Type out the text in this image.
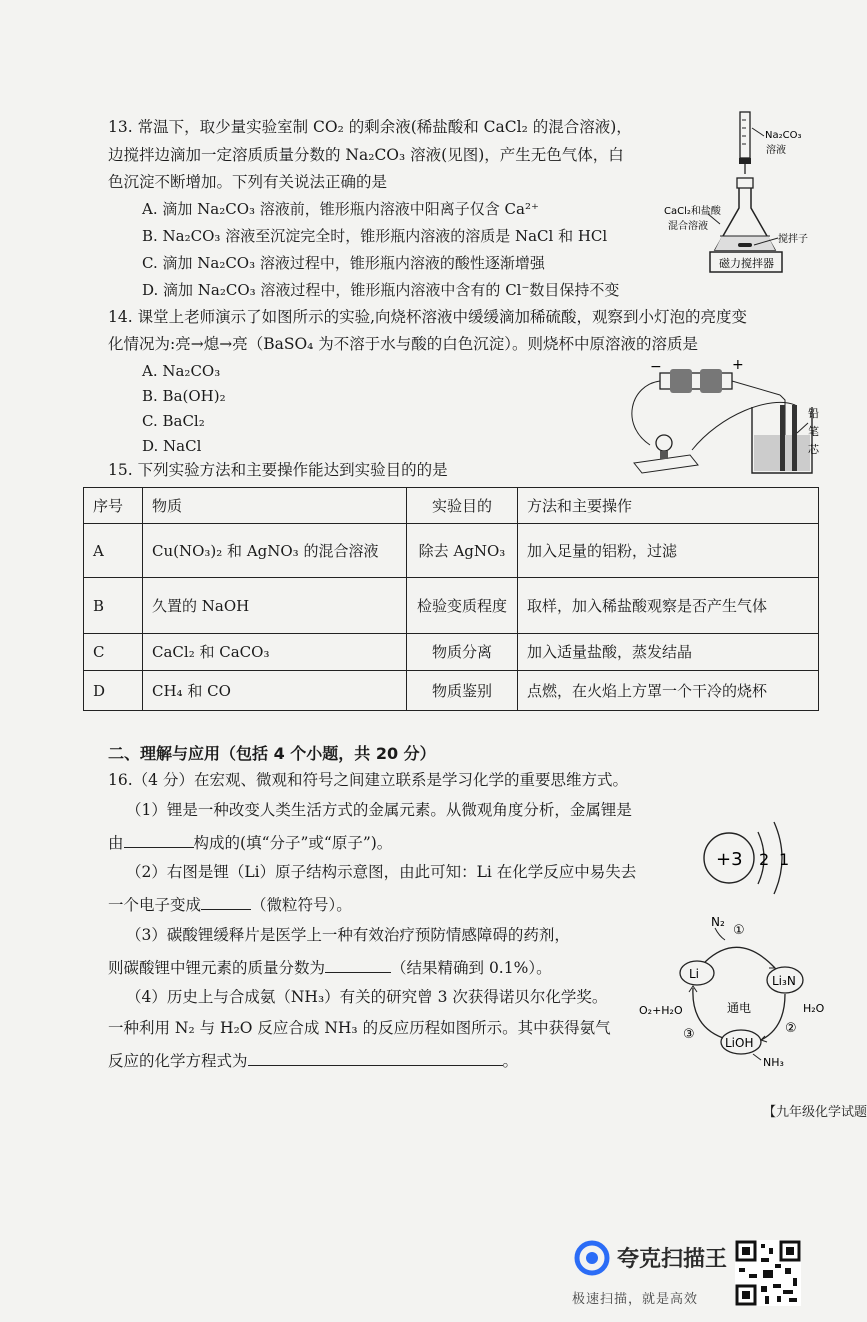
13. 常温下，取少量实验室制 CO₂ 的剩余液(稀盐酸和 CaCl₂ 的混合溶液)，
边搅拌边滴加一定溶质质量分数的 Na₂CO₃ 溶液(见图)，产生无色气体，白
色沉淀不断增加。下列有关说法正确的是
A. 滴加 Na₂CO₃ 溶液前，锥形瓶内溶液中阳离子仅含 Ca²⁺
B. Na₂CO₃ 溶液至沉淀完全时，锥形瓶内溶液的溶质是 NaCl 和 HCl
C. 滴加 Na₂CO₃ 溶液过程中，锥形瓶内溶液的酸性逐渐增强
D. 滴加 Na₂CO₃ 溶液过程中，锥形瓶内溶液中含有的 Cl⁻数目保持不变
Na₂CO₃
溶液
CaCl₂和盐酸
混合溶液
搅拌子
磁力搅拌器
14. 课堂上老师演示了如图所示的实验,向烧杯溶液中缓缓滴加稀硫酸，观察到小灯泡的亮度变
化情况为:亮→熄→亮（BaSO₄ 为不溶于水与酸的白色沉淀）。则烧杯中原溶液的溶质是
A. Na₂CO₃
B. Ba(OH)₂
C. BaCl₂
D. NaCl
−	+
铅
笔
芯
15. 下列实验方法和主要操作能达到实验目的的是
序号	物质	实验目的	方法和主要操作
A	Cu(NO₃)₂ 和 AgNO₃ 的混合溶液	除去 AgNO₃	加入足量的铝粉，过滤
B	久置的 NaOH	检验变质程度	取样，加入稀盐酸观察是否产生气体
C	CaCl₂ 和 CaCO₃	物质分离	加入适量盐酸，蒸发结晶
D	CH₄ 和 CO	物质鉴别	点燃，在火焰上方罩一个干冷的烧杯
二、理解与应用（包括 4 个小题，共 20 分）
16.（4 分）在宏观、微观和符号之间建立联系是学习化学的重要思维方式。
（1）锂是一种改变人类生活方式的金属元素。从微观角度分析，金属锂是
由	构成的(填“分子”或“原子”)。
（2）右图是锂（Li）原子结构示意图，由此可知：Li 在化学反应中易失去
一个电子变成	（微粒符号）。
（3）碳酸锂缓释片是医学上一种有效治疗预防情感障碍的药剂，
则碳酸锂中锂元素的质量分数为	（结果精确到 0.1%）。
（4）历史上与合成氨（NH₃）有关的研究曾 3 次获得诺贝尔化学奖。
一种利用 N₂ 与 H₂O 反应合成 NH₃ 的反应历程如图所示。其中获得氨气
反应的化学方程式为	。
+3 2 1
N₂
①
Li	Li₃N
LiOH
H₂O
②
NH₃
O₂+H₂O
③
通电
【九年级化学试题
夸克扫描王
极速扫描，就是高效
